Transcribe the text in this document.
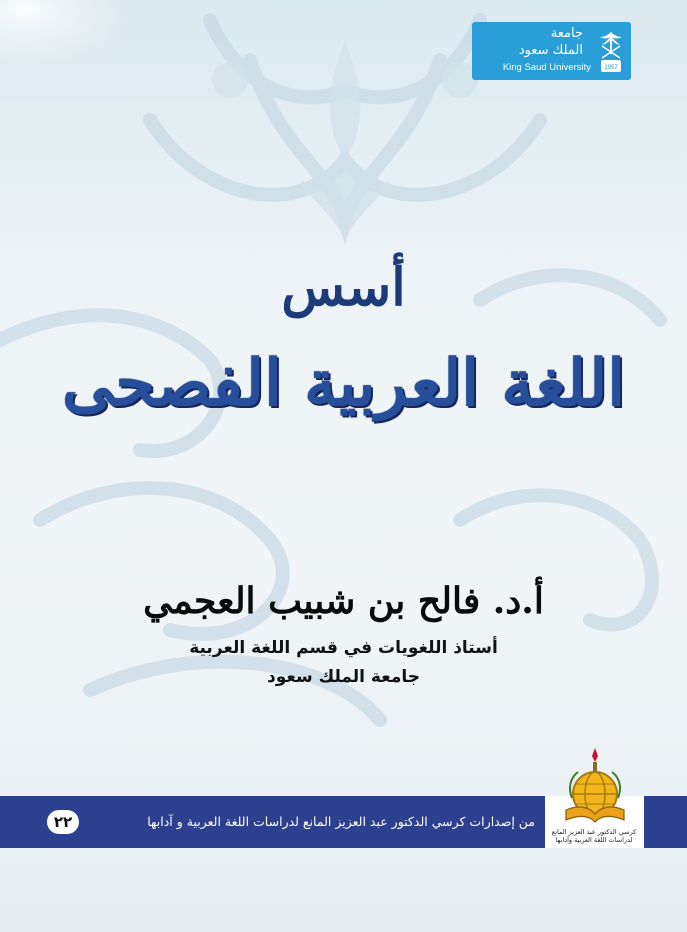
جامعة
الملك سعود
King Saud University 1957
أسس
اللغة العربية الفصحى
أ.د. فالح بن شبيب العجمي
أستاذ اللغويات في قسم اللغة العربية
جامعة الملك سعود
من إصدارات كرسي الدكتور عبد العزيز المانع لدراسات اللغة العربية و آدابها
٢٢
كرسي الدكتور عبد العزيز المانع
لدراسات اللغة العربية وآدابها
